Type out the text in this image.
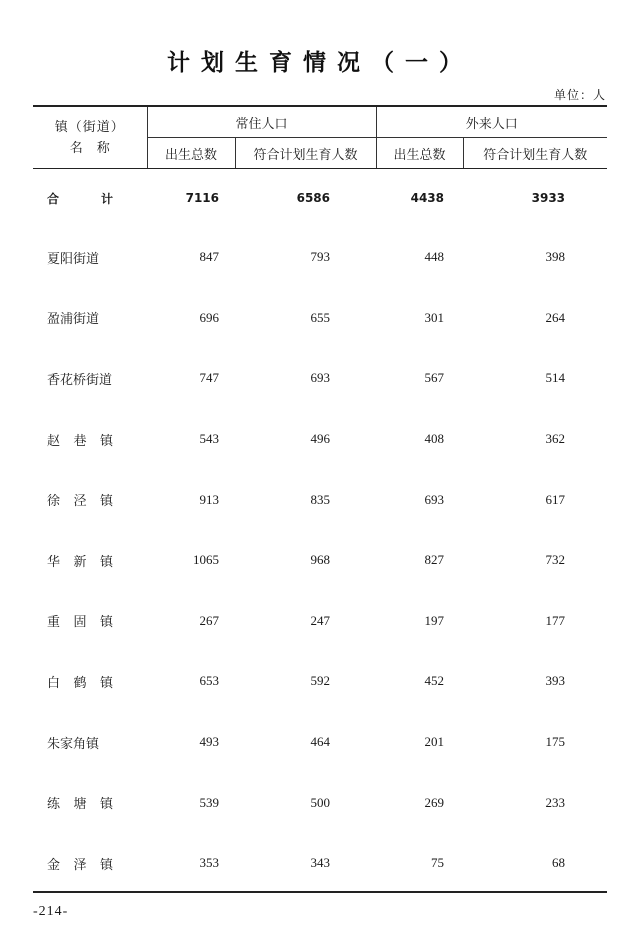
计划生育情况（一）
单位：人
镇（街道）
名称	常住人口		外来人口	
	出生总数	符合计划生育人数	出生总数	符合计划生育人数

合 计	7116	6586	4438	3933
夏阳街道	847	793	448	398
盈浦街道	696	655	301	264
香花桥街道	747	693	567	514

赵 巷 镇	543	496	408	362

徐 泾 镇	913	835	693	617

华 新 镇	1065	968	827	732

重 固 镇	267	247	197	177

白 鹤 镇	653	592	452	393
朱家角镇	493	464	201	175

练 塘 镇	539	500	269	233

金 泽 镇	353	343	75	68
-214-
